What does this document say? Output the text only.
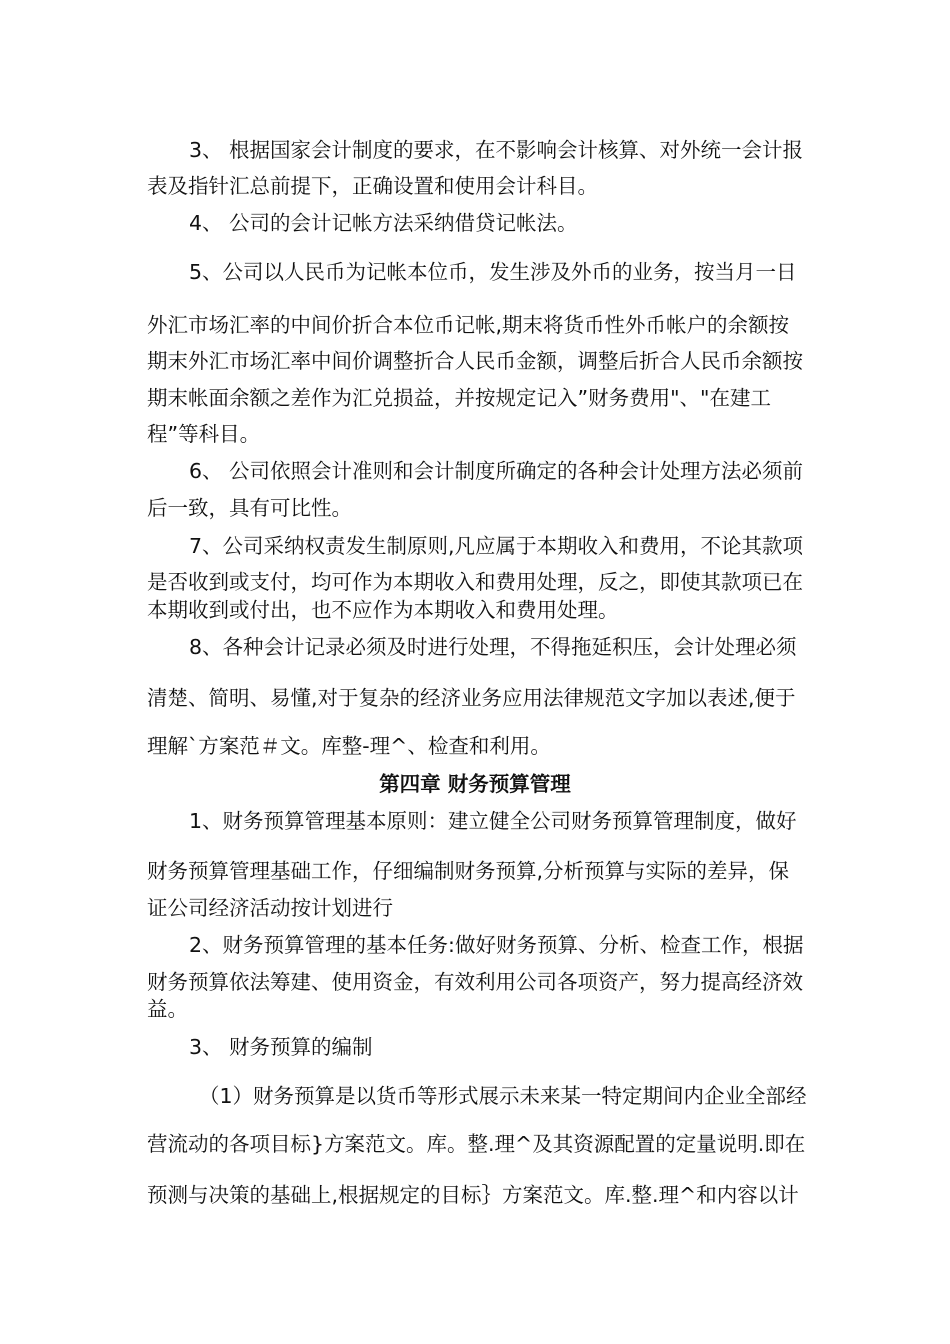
3、 根据国家会计制度的要求，在不影响会计核算、对外统一会计报
表及指针汇总前提下，正确设置和使用会计科目。
4、 公司的会计记帐方法采纳借贷记帐法。
5、公司以人民币为记帐本位币，发生涉及外币的业务，按当月一日
外汇市场汇率的中间价折合本位币记帐,期末将货币性外币帐户的余额按
期末外汇市场汇率中间价调整折合人民币金额，调整后折合人民币余额按
期末帐面余额之差作为汇兑损益，并按规定记入”财务费用"、"在建工
程”等科目。
6、 公司依照会计准则和会计制度所确定的各种会计处理方法必须前
后一致，具有可比性。
7、公司采纳权责发生制原则,凡应属于本期收入和费用，不论其款项
是否收到或支付，均可作为本期收入和费用处理，反之，即使其款项已在
本期收到或付出，也不应作为本期收入和费用处理。
8、各种会计记录必须及时进行处理，不得拖延积压，会计处理必须
清楚、简明、易懂,对于复杂的经济业务应用法律规范文字加以表述,便于
理解`方案范＃文。库整-理^、检查和利用。
第四章 财务预算管理
1、财务预算管理基本原则：建立健全公司财务预算管理制度，做好
财务预算管理基础工作，仔细编制财务预算,分析预算与实际的差异，保
证公司经济活动按计划进行
2、财务预算管理的基本任务:做好财务预算、分析、检查工作，根据
财务预算依法筹建、使用资金，有效利用公司各项资产，努力提高经济效
益。
3、 财务预算的编制
（1）财务预算是以货币等形式展示未来某一特定期间内企业全部经
营流动的各项目标}方案范文。库。整.理^及其资源配置的定量说明.即在
预测与决策的基础上,根据规定的目标｝方案范文。库.整.理^和内容以计
